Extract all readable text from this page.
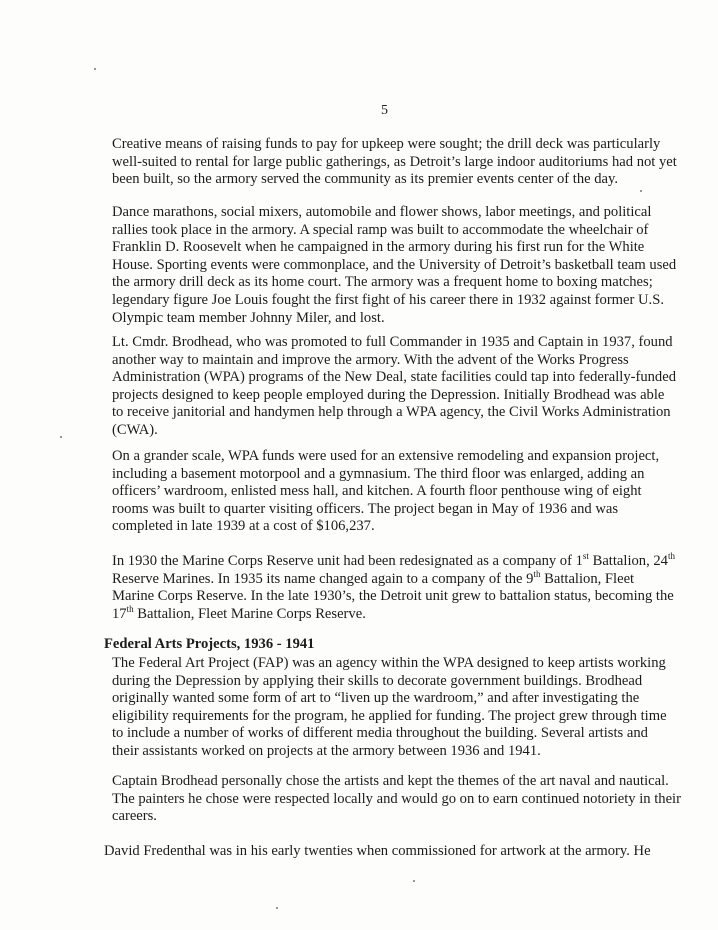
5

Creative means of raising funds to pay for upkeep were sought; the drill deck was particularly
well-suited to rental for large public gatherings, as Detroit’s large indoor auditoriums had not yet
been built, so the armory served the community as its premier events center of the day.

Dance marathons, social mixers, automobile and flower shows, labor meetings, and political
rallies took place in the armory. A special ramp was built to accommodate the wheelchair of
Franklin D. Roosevelt when he campaigned in the armory during his first run for the White
House. Sporting events were commonplace, and the University of Detroit’s basketball team used
the armory drill deck as its home court. The armory was a frequent home to boxing matches;
legendary figure Joe Louis fought the first fight of his career there in 1932 against former U.S.
Olympic team member Johnny Miler, and lost.

Lt. Cmdr. Brodhead, who was promoted to full Commander in 1935 and Captain in 1937, found
another way to maintain and improve the armory. With the advent of the Works Progress
Administration (WPA) programs of the New Deal, state facilities could tap into federally-funded
projects designed to keep people employed during the Depression. Initially Brodhead was able
to receive janitorial and handymen help through a WPA agency, the Civil Works Administration
(CWA).

On a grander scale, WPA funds were used for an extensive remodeling and expansion project,
including a basement motorpool and a gymnasium. The third floor was enlarged, adding an
officers’ wardroom, enlisted mess hall, and kitchen. A fourth floor penthouse wing of eight
rooms was built to quarter visiting officers. The project began in May of 1936 and was
completed in late 1939 at a cost of $106,237.

In 1930 the Marine Corps Reserve unit had been redesignated as a company of 1st Battalion, 24th
Reserve Marines. In 1935 its name changed again to a company of the 9th Battalion, Fleet
Marine Corps Reserve. In the late 1930’s, the Detroit unit grew to battalion status, becoming the
17th Battalion, Fleet Marine Corps Reserve.

Federal Arts Projects, 1936 - 1941

The Federal Art Project (FAP) was an agency within the WPA designed to keep artists working
during the Depression by applying their skills to decorate government buildings. Brodhead
originally wanted some form of art to “liven up the wardroom,” and after investigating the
eligibility requirements for the program, he applied for funding. The project grew through time
to include a number of works of different media throughout the building. Several artists and
their assistants worked on projects at the armory between 1936 and 1941.

Captain Brodhead personally chose the artists and kept the themes of the art naval and nautical.
The painters he chose were respected locally and would go on to earn continued notoriety in their
careers.

David Fredenthal was in his early twenties when commissioned for artwork at the armory. He
